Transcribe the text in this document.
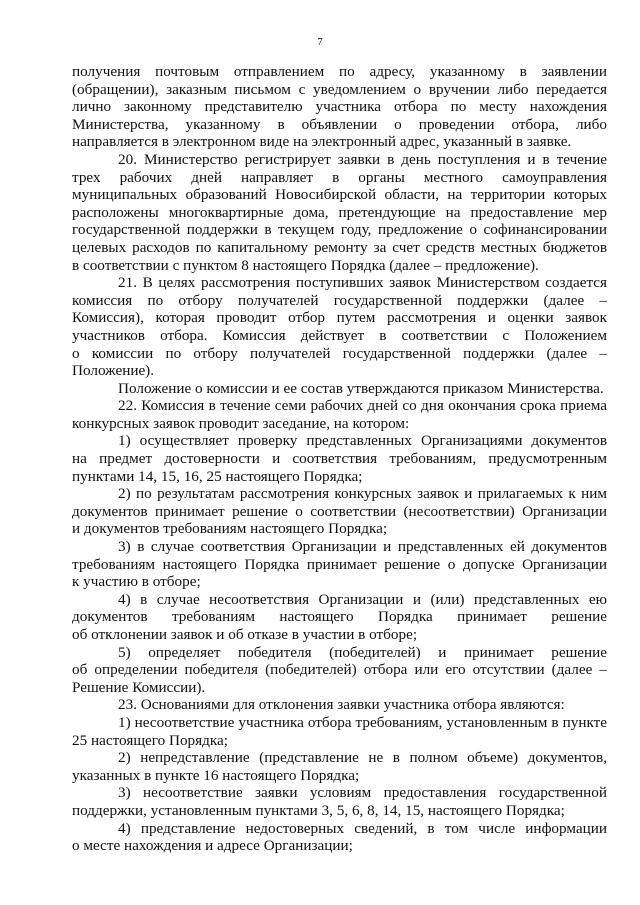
7
получения почтовым отправлением по адресу, указанному в заявлении
(обращении), заказным письмом с уведомлением о вручении либо передается
лично законному представителю участника отбора по месту нахождения
Министерства, указанному в объявлении о проведении отбора, либо
направляется в электронном виде на электронный адрес, указанный в заявке.
20. Министерство регистрирует заявки в день поступления и в течение
трех рабочих дней направляет в органы местного самоуправления
муниципальных образований Новосибирской области, на территории которых
расположены многоквартирные дома, претендующие на предоставление мер
государственной поддержки в текущем году, предложение о софинансировании
целевых расходов по капитальному ремонту за счет средств местных бюджетов
в соответствии с пунктом 8 настоящего Порядка (далее – предложение).
21. В целях рассмотрения поступивших заявок Министерством создается
комиссия по отбору получателей государственной поддержки (далее –
Комиссия), которая проводит отбор путем рассмотрения и оценки заявок
участников отбора. Комиссия действует в соответствии с Положением
о комиссии по отбору получателей государственной поддержки (далее –
Положение).
Положение о комиссии и ее состав утверждаются приказом Министерства.
22. Комиссия в течение семи рабочих дней со дня окончания срока приема
конкурсных заявок проводит заседание, на котором:
1) осуществляет проверку представленных Организациями документов
на предмет достоверности и соответствия требованиям, предусмотренным
пунктами 14, 15, 16, 25 настоящего Порядка;
2) по результатам рассмотрения конкурсных заявок и прилагаемых к ним
документов принимает решение о соответствии (несоответствии) Организации
и документов требованиям настоящего Порядка;
3) в случае соответствия Организации и представленных ей документов
требованиям настоящего Порядка принимает решение о допуске Организации
к участию в отборе;
4) в случае несоответствия Организации и (или) представленных ею
документов требованиям настоящего Порядка принимает решение
об отклонении заявок и об отказе в участии в отборе;
5) определяет победителя (победителей) и принимает решение
об определении победителя (победителей) отбора или его отсутствии (далее –
Решение Комиссии).
23. Основаниями для отклонения заявки участника отбора являются:
1) несоответствие участника отбора требованиям, установленным в пункте
25 настоящего Порядка;
2) непредставление (представление не в полном объеме) документов,
указанных в пункте 16 настоящего Порядка;
3) несоответствие заявки условиям предоставления государственной
поддержки, установленным пунктами 3, 5, 6, 8, 14, 15, настоящего Порядка;
4) представление недостоверных сведений, в том числе информации
о месте нахождения и адресе Организации;
